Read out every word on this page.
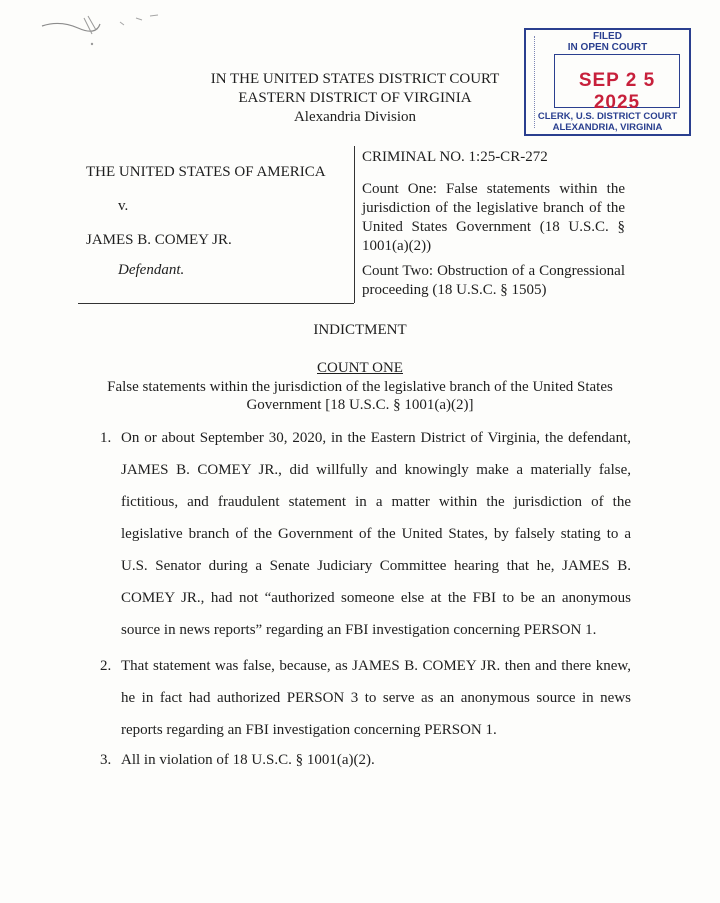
IN THE UNITED STATES DISTRICT COURT
EASTERN DISTRICT OF VIRGINIA
Alexandria Division
FILED
IN OPEN COURT
SEP 2 5 2025
CLERK, U.S. DISTRICT COURT
ALEXANDRIA, VIRGINIA
THE UNITED STATES OF AMERICA
v.
JAMES B. COMEY JR.
Defendant.
CRIMINAL NO. 1:25-CR-272
Count One: False statements within the jurisdiction of the legislative branch of the United States Government (18 U.S.C. § 1001(a)(2))
Count Two: Obstruction of a Congressional proceeding (18 U.S.C. § 1505)
INDICTMENT
COUNT ONE
False statements within the jurisdiction of the legislative branch of the United States Government [18 U.S.C. § 1001(a)(2)]
1. On or about September 30, 2020, in the Eastern District of Virginia, the defendant, JAMES B. COMEY JR., did willfully and knowingly make a materially false, fictitious, and fraudulent statement in a matter within the jurisdiction of the legislative branch of the Government of the United States, by falsely stating to a U.S. Senator during a Senate Judiciary Committee hearing that he, JAMES B. COMEY JR., had not “authorized someone else at the FBI to be an anonymous source in news reports” regarding an FBI investigation concerning PERSON 1.
2. That statement was false, because, as JAMES B. COMEY JR. then and there knew, he in fact had authorized PERSON 3 to serve as an anonymous source in news reports regarding an FBI investigation concerning PERSON 1.
3. All in violation of 18 U.S.C. § 1001(a)(2).
